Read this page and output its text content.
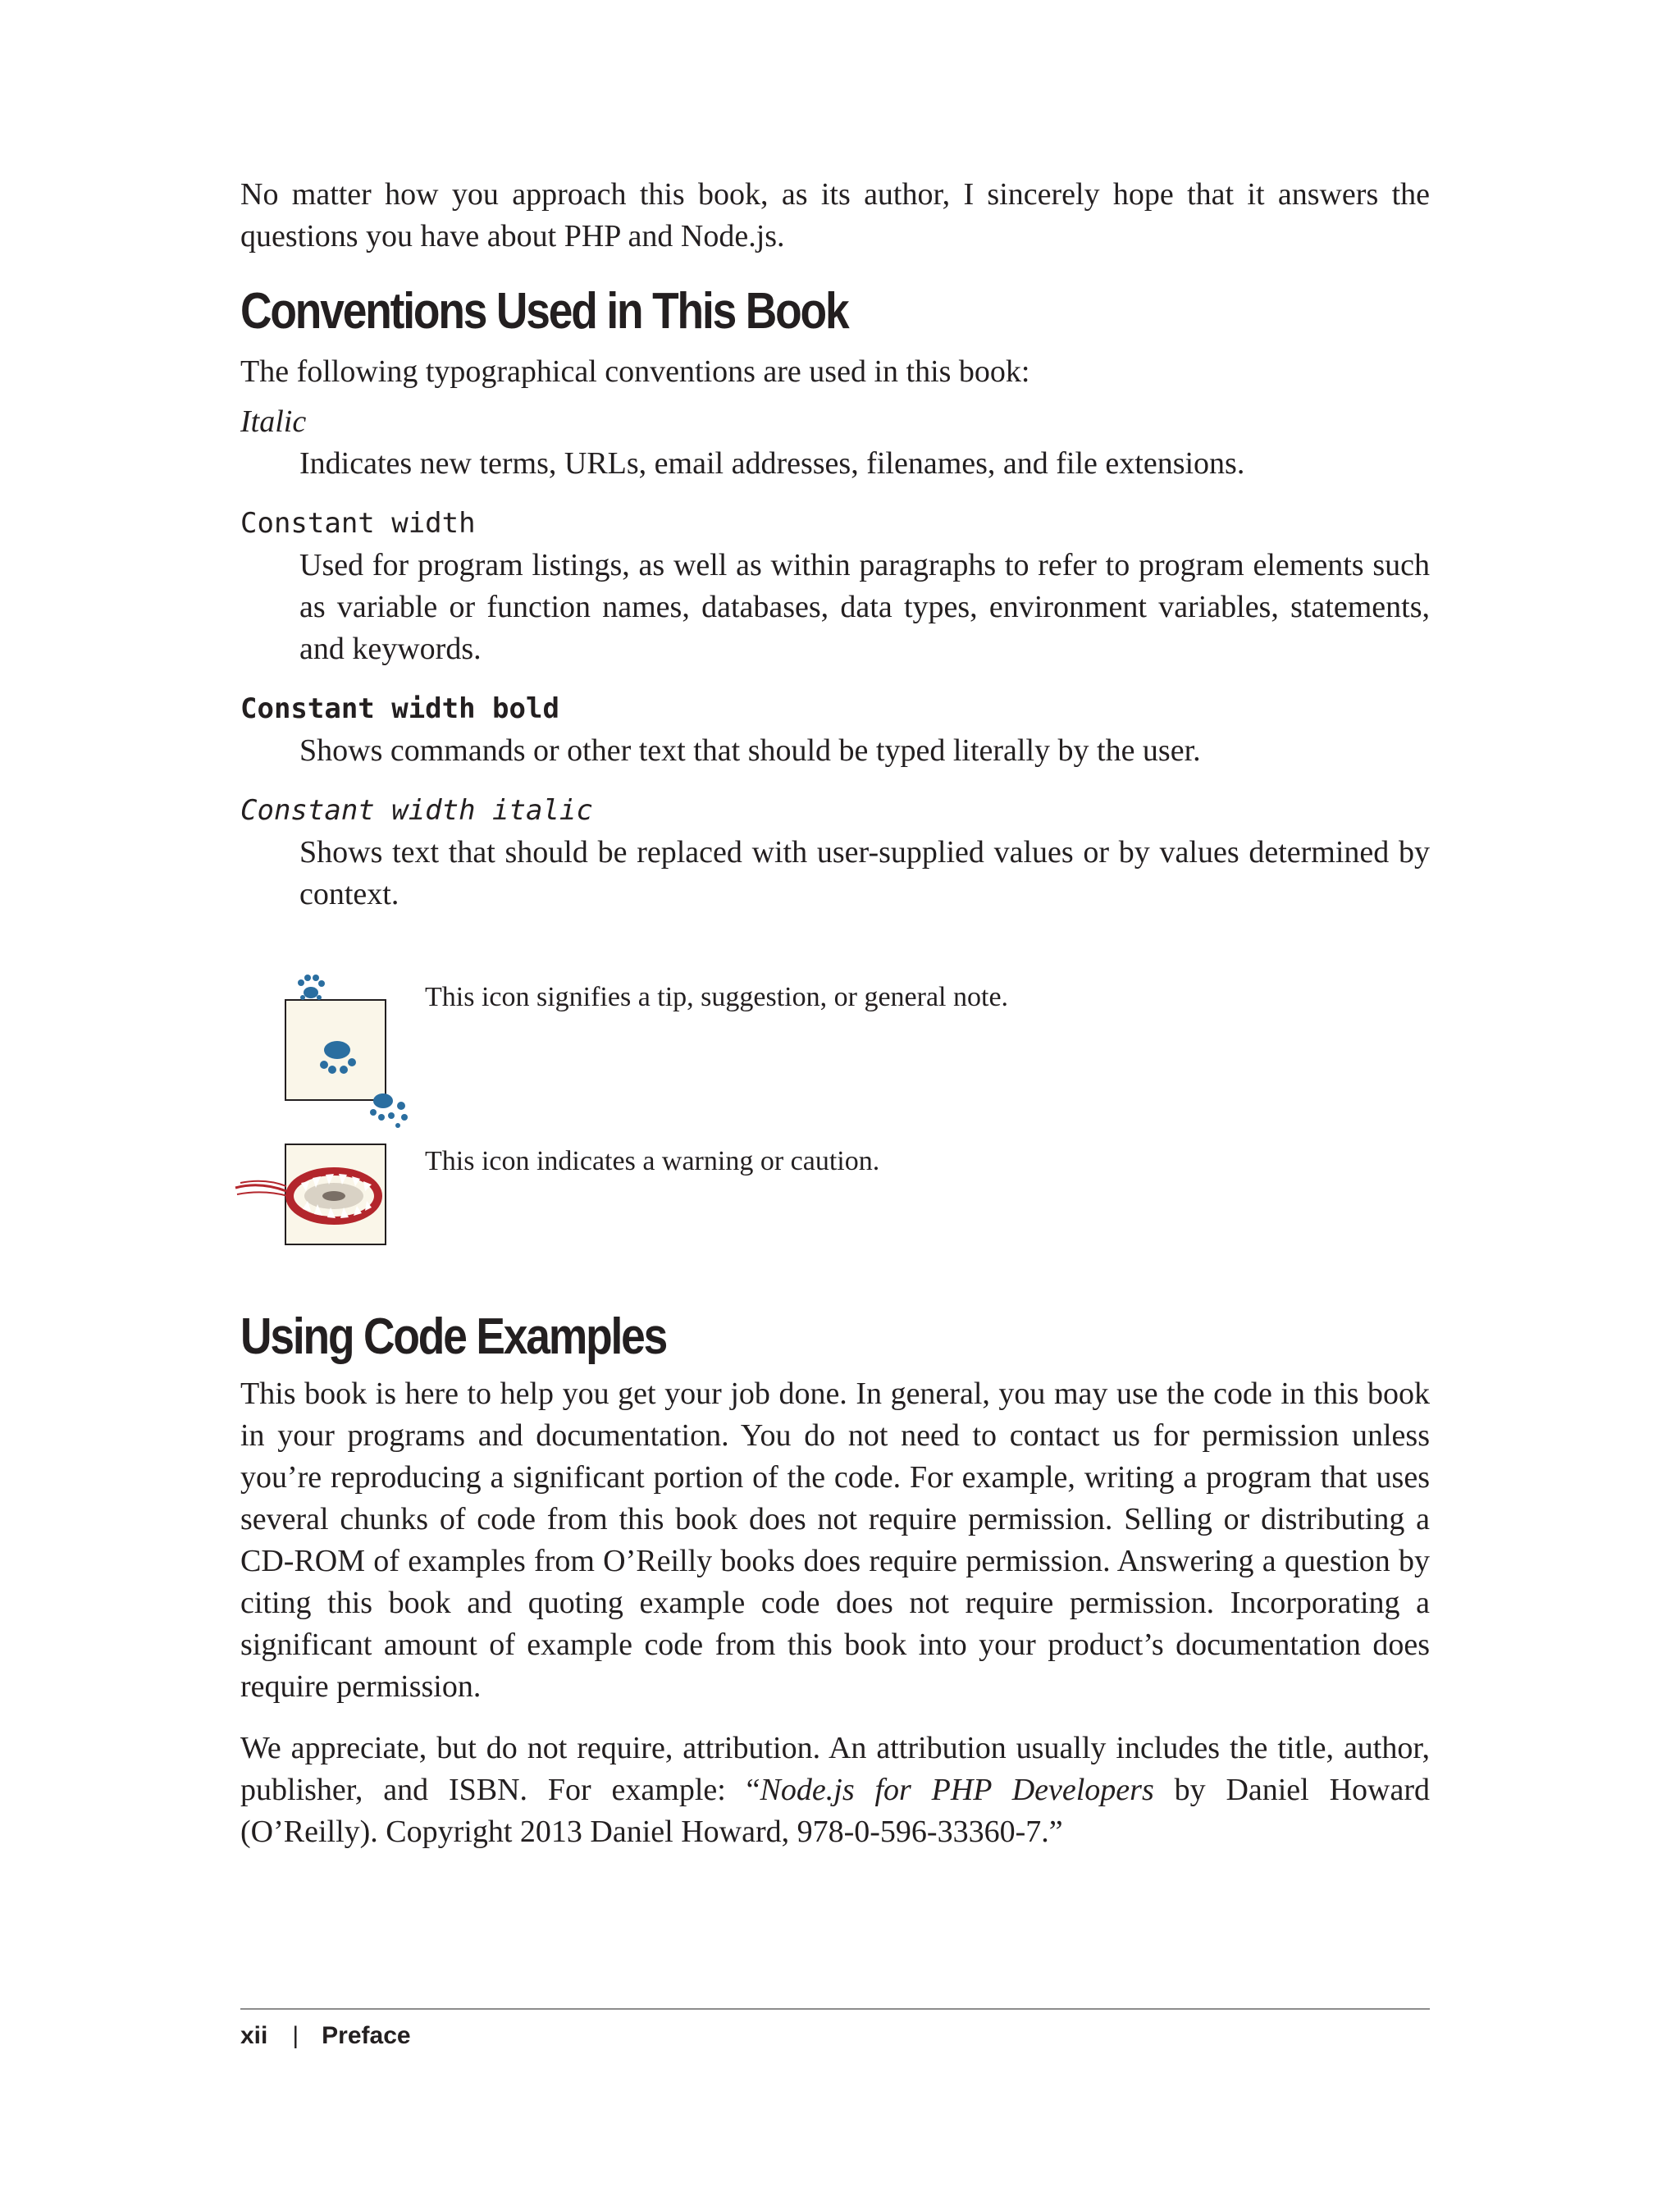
No matter how you approach this book, as its author, I sincerely hope that it answers the questions you have about PHP and Node.js.

Conventions Used in This Book

The following typographical conventions are used in this book:

Italic
Indicates new terms, URLs, email addresses, filenames, and file extensions.
Constant width
Used for program listings, as well as within paragraphs to refer to program elements such as variable or function names, databases, data types, environment variables, statements, and keywords.
Constant width bold
Shows commands or other text that should be typed literally by the user.
Constant width italic
Shows text that should be replaced with user-supplied values or by values determined by context.

This icon signifies a tip, suggestion, or general note.

This icon indicates a warning or caution.

Using Code Examples

This book is here to help you get your job done. In general, you may use the code in this book in your programs and documentation. You do not need to contact us for permission unless you’re reproducing a significant portion of the code. For example, writing a program that uses several chunks of code from this book does not require permission. Selling or distributing a CD-ROM of examples from O’Reilly books does require permission. Answering a question by citing this book and quoting example code does not require permission. Incorporating a significant amount of example code from this book into your product’s documentation does require permission.

We appreciate, but do not require, attribution. An attribution usually includes the title, author, publisher, and ISBN. For example: “Node.js for PHP Developers by Daniel Howard (O’Reilly). Copyright 2013 Daniel Howard, 978-0-596-33360-7.”

xii | Preface
